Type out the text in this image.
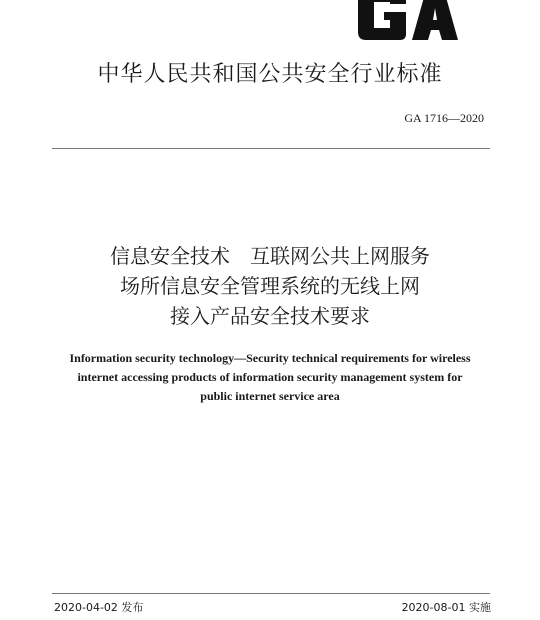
中华人民共和国公共安全行业标准
GA 1716—2020
信息安全技术　互联网公共上网服务
场所信息安全管理系统的无线上网
接入产品安全技术要求
Information security technology—Security technical requirements for wireless
internet accessing products of information security management system for
public internet service area
2020-04-02 发布	2020-08-01 实施
